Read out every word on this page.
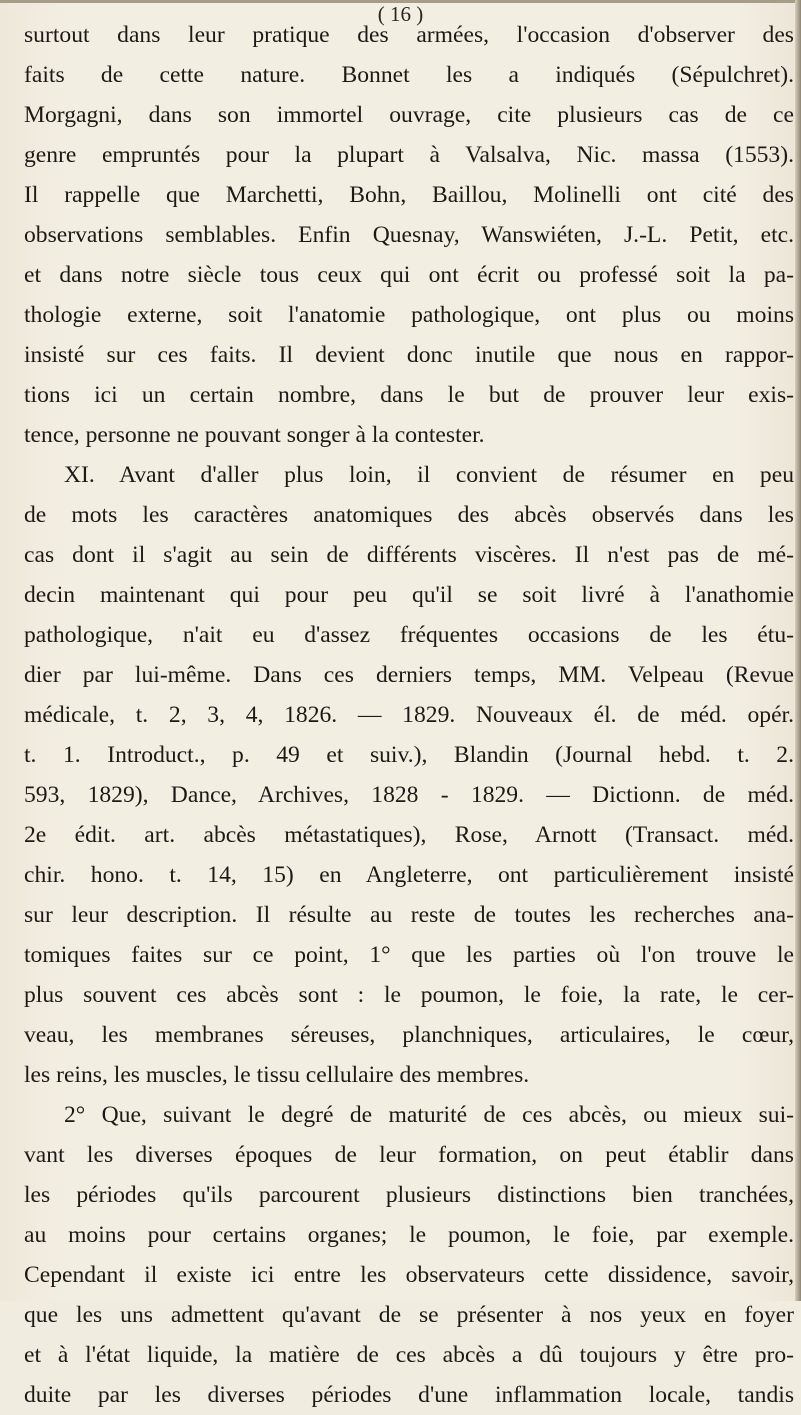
( 16 )
surtout dans leur pratique des armées, l'occasion d'observer des
faits de cette nature. Bonnet les a indiqués (Sépulchret).
Morgagni, dans son immortel ouvrage, cite plusieurs cas de ce
genre empruntés pour la plupart à Valsalva, Nic. massa (1553).
Il rappelle que Marchetti, Bohn, Baillou, Molinelli ont cité des
observations semblables. Enfin Quesnay, Wanswiéten, J.-L. Petit, etc.
et dans notre siècle tous ceux qui ont écrit ou professé soit la pa-
thologie externe, soit l'anatomie pathologique, ont plus ou moins
insisté sur ces faits. Il devient donc inutile que nous en rappor-
tions ici un certain nombre, dans le but de prouver leur exis-
tence, personne ne pouvant songer à la contester.
XI. Avant d'aller plus loin, il convient de résumer en peu
de mots les caractères anatomiques des abcès observés dans les
cas dont il s'agit au sein de différents viscères. Il n'est pas de mé-
decin maintenant qui pour peu qu'il se soit livré à l'anathomie
pathologique, n'ait eu d'assez fréquentes occasions de les étu-
dier par lui-même. Dans ces derniers temps, MM. Velpeau (Revue
médicale, t. 2, 3, 4, 1826. — 1829. Nouveaux él. de méd. opér.
t. 1. Introduct., p. 49 et suiv.), Blandin (Journal hebd. t. 2.
593, 1829), Dance, Archives, 1828 - 1829. — Dictionn. de méd.
2e édit. art. abcès métastatiques), Rose, Arnott (Transact. méd.
chir. hono. t. 14, 15) en Angleterre, ont particulièrement insisté
sur leur description. Il résulte au reste de toutes les recherches ana-
tomiques faites sur ce point, 1° que les parties où l'on trouve le
plus souvent ces abcès sont : le poumon, le foie, la rate, le cer-
veau, les membranes séreuses, planchniques, articulaires, le cœur,
les reins, les muscles, le tissu cellulaire des membres.
2° Que, suivant le degré de maturité de ces abcès, ou mieux sui-
vant les diverses époques de leur formation, on peut établir dans
les périodes qu'ils parcourent plusieurs distinctions bien tranchées,
au moins pour certains organes; le poumon, le foie, par exemple.
Cependant il existe ici entre les observateurs cette dissidence, savoir,
que les uns admettent qu'avant de se présenter à nos yeux en foyer
et à l'état liquide, la matière de ces abcès a dû toujours y être pro-
duite par les diverses périodes d'une inflammation locale, tandis
